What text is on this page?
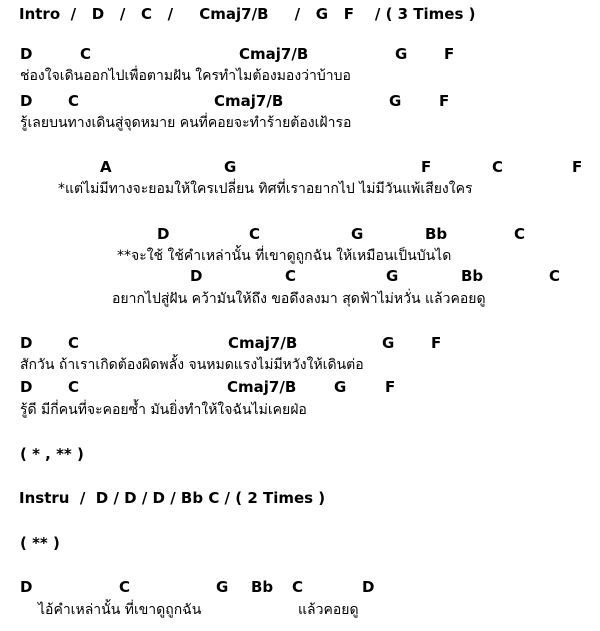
Intro  /   D   /   C   /     Cmaj7/B     /   G   F    / ( 3 Times )
D	C	Cmaj7/B	G F
ช่องใจเดินออกไปเพื่อตามฝัน ใครทำไมต้องมองว่าบ้าบอ
D C	Cmaj7/B	G	F
รู้เลยบนทางเดินสู่จุดหมาย คนที่คอยจะทำร้ายต้องเฝ้ารอ
A	G	F	C	F
*แต่ไม่มีทางจะยอมให้ใครเปลี่ยน ทิศที่เราอยากไป ไม่มีวันแพ้เสียงใคร
D	C	G	Bb	C
**จะใช้ ใช้คำเหล่านั้น ที่เขาดูถูกฉัน ให้เหมือนเป็นบันได
D	C	G	Bb	C
อยากไปสู่ฝัน คว้ามันให้ถึง ขอดึงลงมา สุดฟ้าไม่หวั่น แล้วคอยดู
D C	Cmaj7/B	G F
สักวัน ถ้าเราเกิดต้องผิดพลั้ง จนหมดแรงไม่มีหวังให้เดินต่อ
D C	Cmaj7/B	G	F
รู้ดี มีกี่คนที่จะคอยซ้ำ มันยิ่งทำให้ใจฉันไม่เคยฝ่อ
( * , ** )
Instru  /  D / D / D / Bb C / ( 2 Times )
( ** )
D	C	G Bb C	D
ไอ้คำเหล่านั้น ที่เขาดูถูกฉัน	แล้วคอยดู
